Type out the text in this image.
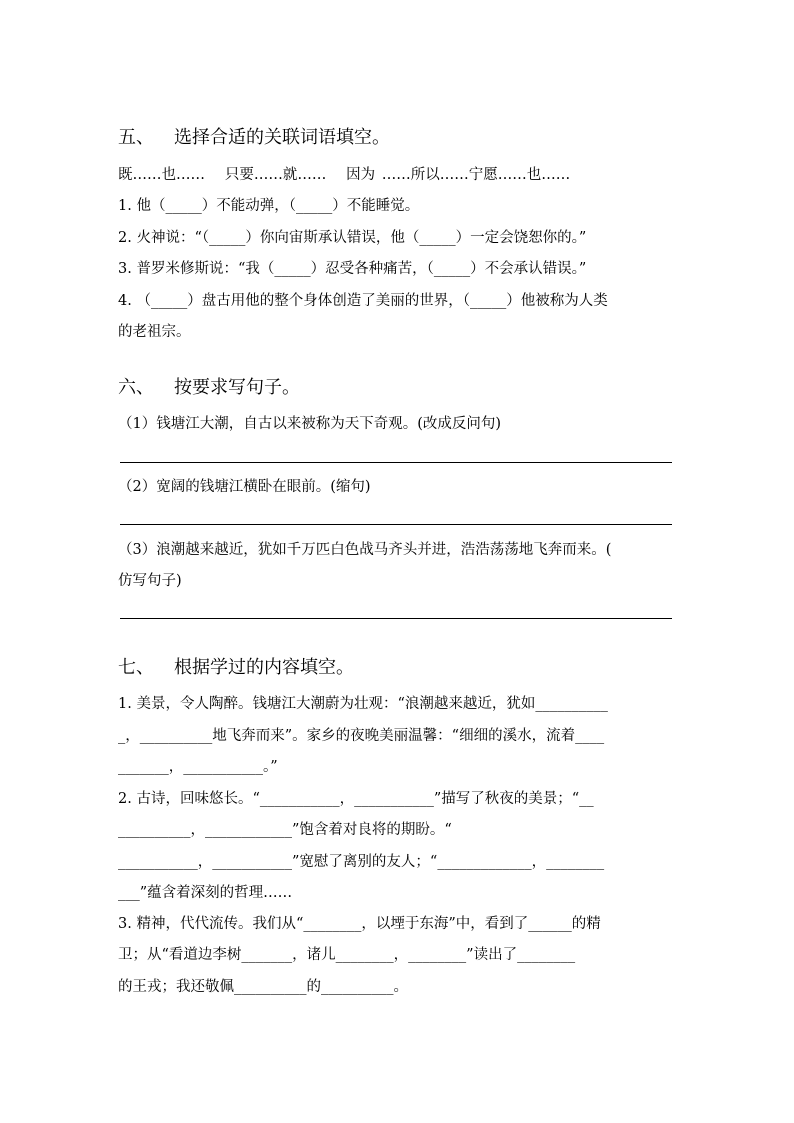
五、 选择合适的关联词语填空。
既……也……   只要……就……   因为 ……所以……宁愿……也……
1. 他（_____）不能动弹，（_____）不能睡觉。
2. 火神说：“（_____）你向宙斯承认错误，他（_____）一定会饶恕你的。”
3. 普罗米修斯说：“我（_____）忍受各种痛苦，（_____）不会承认错误。”
4. （_____）盘古用他的整个身体创造了美丽的世界，（_____）他被称为人类
的老祖宗。
六、 按要求写句子。
（1）钱塘江大潮，自古以来被称为天下奇观。(改成反问句)
（2）宽阔的钱塘江横卧在眼前。(缩句)
（3）浪潮越来越近，犹如千万匹白色战马齐头并进，浩浩荡荡地飞奔而来。(
仿写句子)
七、 根据学过的内容填空。
1. 美景，令人陶醉。钱塘江大潮蔚为壮观：“浪潮越来越近，犹如__________
_，__________地飞奔而来”。家乡的夜晚美丽温馨：“细细的溪水，流着____
_______，___________。”
2. 古诗，回味悠长。“___________，___________”描写了秋夜的美景；“__
__________，____________”饱含着对良将的期盼。“
___________，___________”宽慰了离别的友人；“_____________，________
___”蕴含着深刻的哲理……
3. 精神，代代流传。我们从“________，以堙于东海”中，看到了______的精
卫；从“看道边李树_______，诸儿________，________”读出了________
的王戎；我还敬佩__________的__________。
